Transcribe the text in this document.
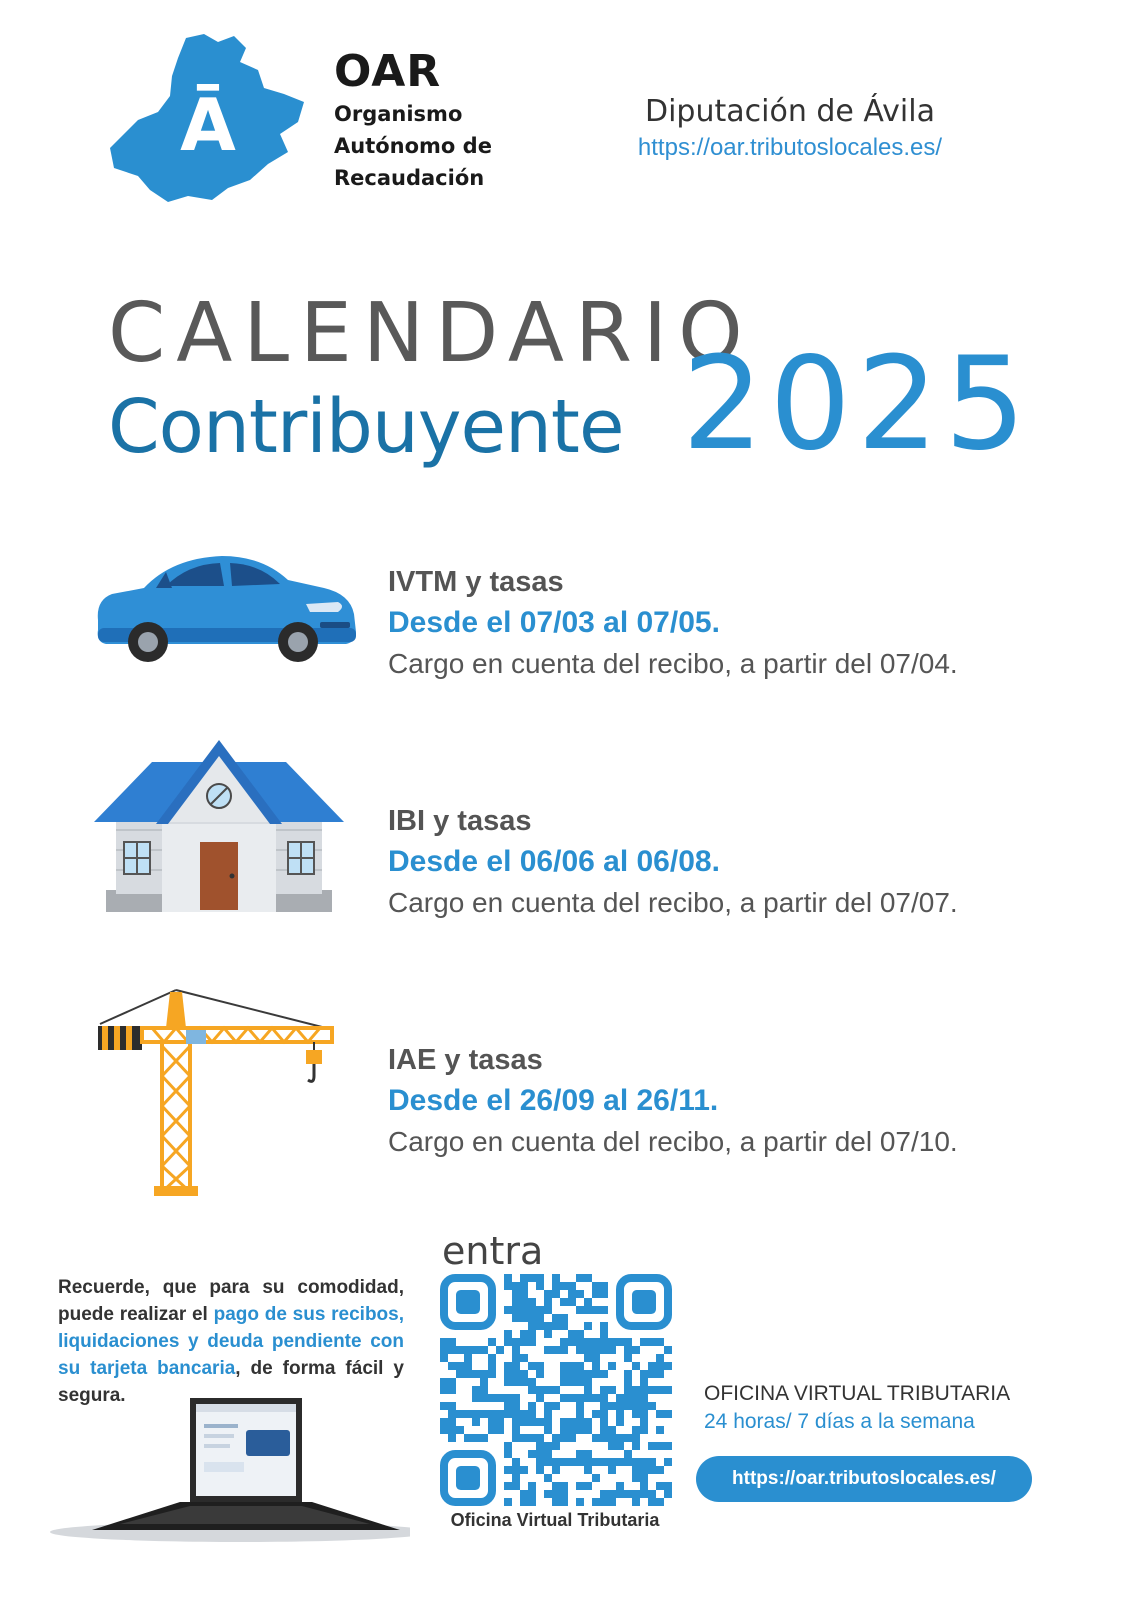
Ā
OAR
Organismo
Autónomo de
Recaudación
Diputación de Ávila
https://oar.tributoslocales.es/
CALENDARIO
Contribuyente 2025
IVTM y tasas
Desde el 07/03 al 07/05.
Cargo en cuenta del recibo, a partir del 07/04.
IBI y tasas
Desde el 06/06 al 06/08.
Cargo en cuenta del recibo, a partir del 07/07.
IAE y tasas
Desde el 26/09 al 26/11.
Cargo en cuenta del recibo, a partir del 07/10.
Recuerde, que para su comodidad, puede realizar el pago de sus recibos, liquidaciones y deuda pendiente con su tarjeta bancaria, de forma fácil y segura.
entra
Oficina Virtual Tributaria
OFICINA VIRTUAL TRIBUTARIA
24 horas/ 7 días a la semana
https://oar.tributoslocales.es/
